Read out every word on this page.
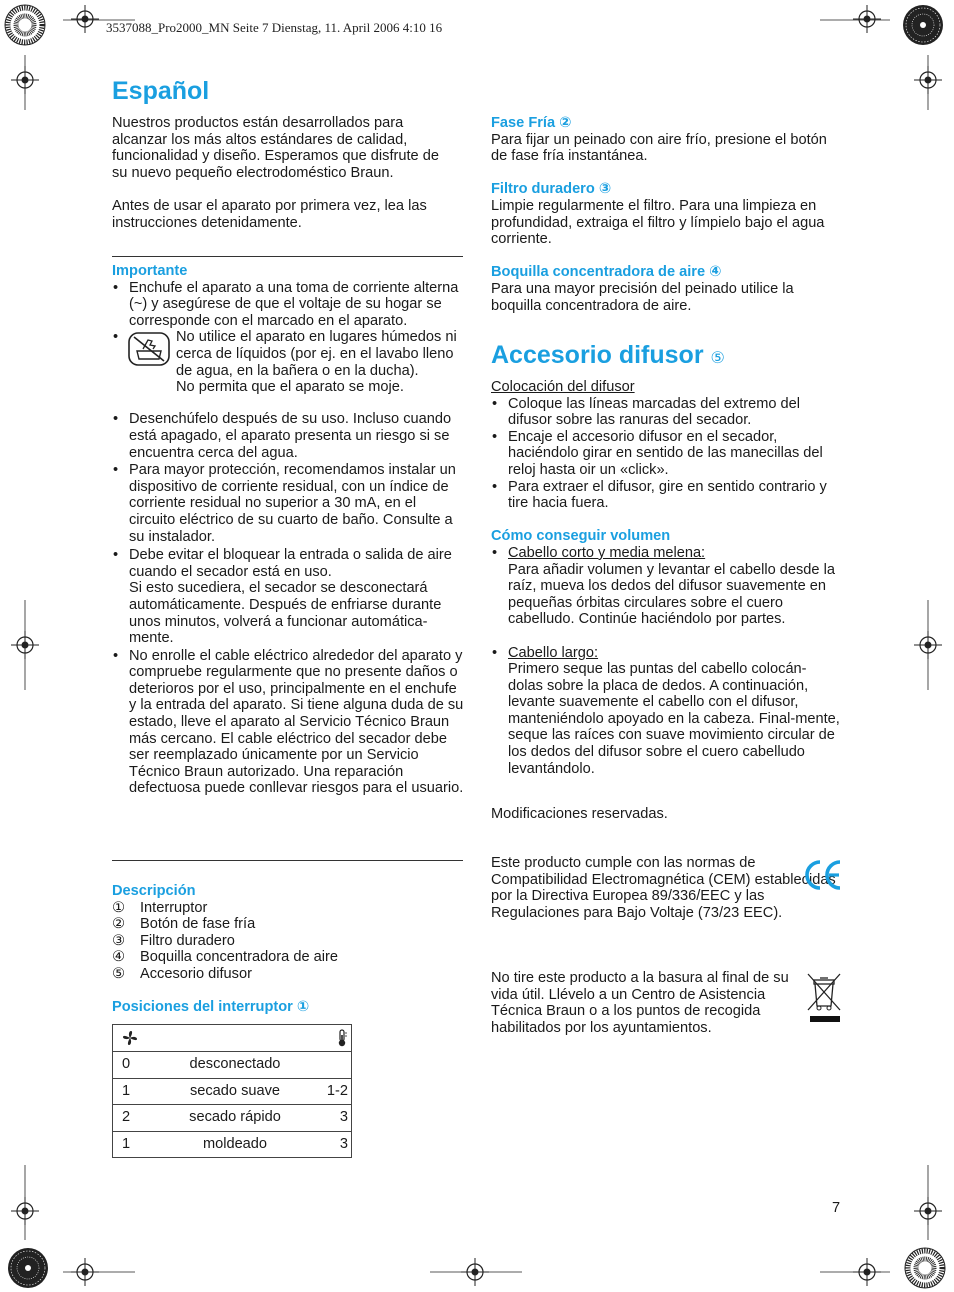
3537088_Pro2000_MN Seite 7 Dienstag, 11. April 2006 4:10 16
Español

Nuestros productos están desarrollados para alcanzar los más altos estándares de calidad, funcionalidad y diseño. Esperamos que disfrute de su nuevo pequeño electrodoméstico Braun.

Antes de usar el aparato por primera vez, lea las instrucciones detenidamente.

Importante
• Enchufe el aparato a una toma de corriente alterna (~) y asegúrese de que el voltaje de su hogar se corresponde con el marcado en el aparato.
• No utilice el aparato en lugares húmedos ni cerca de líquidos (por ej. en el lavabo lleno de agua, en la bañera o en la ducha).
No permita que el aparato se moje.
• Desenchúfelo después de su uso. Incluso cuando está apagado, el aparato presenta un riesgo si se encuentra cerca del agua.
• Para mayor protección, recomendamos instalar un dispositivo de corriente residual, con un índice de corriente residual no superior a 30 mA, en el circuito eléctrico de su cuarto de baño. Consulte a su instalador.
• Debe evitar el bloquear la entrada o salida de aire cuando el secador está en uso.
Si esto sucediera, el secador se desconectará automáticamente. Después de enfriarse durante unos minutos, volverá a funcionar automática-mente.
• No enrolle el cable eléctrico alrededor del aparato y compruebe regularmente que no presente daños o deterioros por el uso, principalmente en el enchufe y la entrada del aparato. Si tiene alguna duda de su estado, lleve el aparato al Servicio Técnico Braun más cercano. El cable eléctrico del secador debe ser reemplazado únicamente por un Servicio Técnico Braun autorizado. Una reparación defectuosa puede conllevar riesgos para el usuario.
Descripción
①	Interruptor
②	Botón de fase fría
③	Filtro duradero
④	Boquilla concentradora de aire
⑤	Accesorio difusor
Posiciones del interruptor ①

0	desconectado

1	secado suave	1-2

2	secado rápido	3

1	moldeado	3
Fase Fría ②

Para fijar un peinado con aire frío, presione el botón de fase fría instantánea.

Filtro duradero ③

Limpie regularmente el filtro. Para una limpieza en profundidad, extraiga el filtro y límpielo bajo el agua corriente.

Boquilla concentradora de aire ④

Para una mayor precisión del peinado utilice la boquilla concentradora de aire.

Accesorio difusor ⑤
Colocación del difusor
• Coloque las líneas marcadas del extremo del difusor sobre las ranuras del secador.
• Encaje el accesorio difusor en el secador, haciéndolo girar en sentido de las manecillas del reloj hasta oir un «click».
• Para extraer el difusor, gire en sentido contrario y tire hacia fuera.
Cómo conseguir volumen
• Cabello corto y media melena:
Para añadir volumen y levantar el cabello desde la raíz, mueva los dedos del difusor suavemente en pequeñas órbitas circulares sobre el cuero cabelludo. Continúe haciéndolo por partes.
• Cabello largo:
Primero seque las puntas del cabello colocán-dolas sobre la placa de dedos. A continuación, levante suavemente el cabello con el difusor, manteniéndolo apoyado en la cabeza. Final-mente, seque las raíces con suave movimiento circular de los dedos del difusor sobre el cuero cabelludo levantándolo.
Modificaciones reservadas.
Este producto cumple con las normas de Compatibilidad Electromagnética (CEM) establecidas por la Directiva Europea 89/336/EEC y las Regulaciones para Bajo Voltaje (73/23 EEC).
No tire este producto a la basura al final de su vida útil. Llévelo a un Centro de Asistencia Técnica Braun o a los puntos de recogida habilitados por los ayuntamientos.
7
